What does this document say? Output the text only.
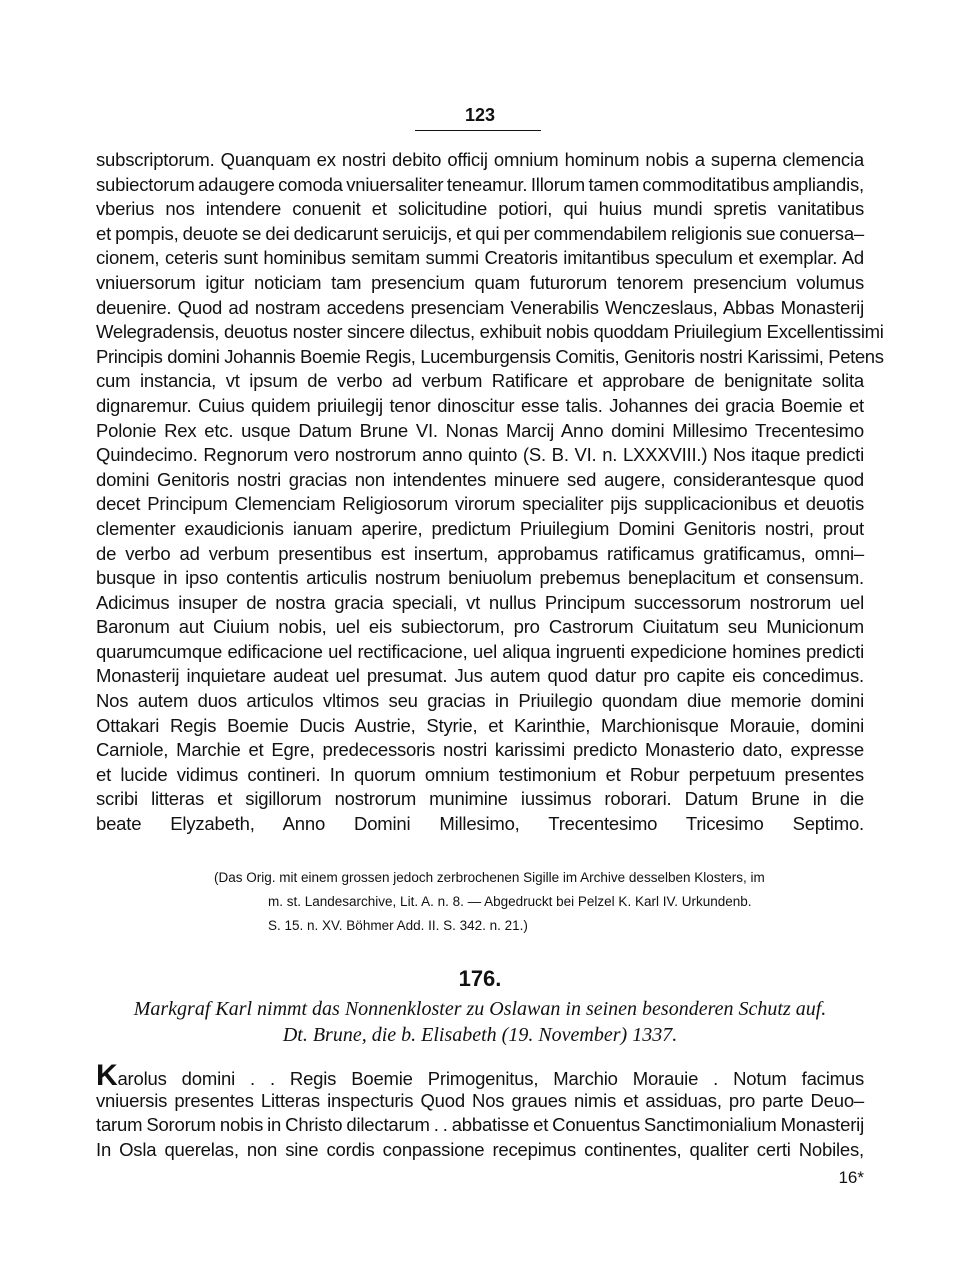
123
subscriptorum. Quanquam ex nostri debito officij omnium hominum nobis a superna clemencia
subiectorum adaugere comoda vniuersaliter teneamur. Illorum tamen commoditatibus ampliandis,
vberius nos intendere conuenit et solicitudine potiori, qui huius mundi spretis vanitatibus
et pompis, deuote se dei dedicarunt seruicijs, et qui per commendabilem religionis sue conuersa–
cionem, ceteris sunt hominibus semitam summi Creatoris imitantibus speculum et exemplar. Ad
vniuersorum igitur noticiam tam presencium quam futurorum tenorem presencium volumus
deuenire. Quod ad nostram accedens presenciam Venerabilis Wenczeslaus, Abbas Monasterij
Welegradensis, deuotus noster sincere dilectus, exhibuit nobis quoddam Priuilegium Excellentissimi
Principis domini Johannis Boemie Regis, Lucemburgensis Comitis, Genitoris nostri Karissimi, Petens
cum instancia, vt ipsum de verbo ad verbum Ratificare et approbare de benignitate solita
dignaremur. Cuius quidem priuilegij tenor dinoscitur esse talis. Johannes dei gracia Boemie et
Polonie Rex etc. usque Datum Brune VI. Nonas Marcij Anno domini Millesimo Trecentesimo
Quindecimo. Regnorum vero nostrorum anno quinto (S. B. VI. n. LXXXVIII.) Nos itaque predicti
domini Genitoris nostri gracias non intendentes minuere sed augere, considerantesque quod
decet Principum Clemenciam Religiosorum virorum specialiter pijs supplicacionibus et deuotis
clementer exaudicionis ianuam aperire, predictum Priuilegium Domini Genitoris nostri, prout
de verbo ad verbum presentibus est insertum, approbamus ratificamus gratificamus, omni–
busque in ipso contentis articulis nostrum beniuolum prebemus beneplacitum et consensum.
Adicimus insuper de nostra gracia speciali, vt nullus Principum successorum nostrorum uel
Baronum aut Ciuium nobis, uel eis subiectorum, pro Castrorum Ciuitatum seu Municionum
quarumcumque edificacione uel rectificacione, uel aliqua ingruenti expedicione homines predicti
Monasterij inquietare audeat uel presumat. Jus autem quod datur pro capite eis concedimus.
Nos autem duos articulos vltimos seu gracias in Priuilegio quondam diue memorie domini
Ottakari Regis Boemie Ducis Austrie, Styrie, et Karinthie, Marchionisque Morauie, domini
Carniole, Marchie et Egre, predecessoris nostri karissimi predicto Monasterio dato, expresse
et lucide vidimus contineri. In quorum omnium testimonium et Robur perpetuum presentes
scribi litteras et sigillorum nostrorum munimine iussimus roborari. Datum Brune in die
beate Elyzabeth, Anno Domini Millesimo, Trecentesimo Tricesimo Septimo.
(Das Orig. mit einem grossen jedoch zerbrochenen Sigille im Archive desselben Klosters, im
m. st. Landesarchive, Lit. A. n. 8. — Abgedruckt bei Pelzel K. Karl IV. Urkundenb.
S. 15. n. XV. Böhmer Add. II. S. 342. n. 21.)
176.
Markgraf Karl nimmt das Nonnenkloster zu Oslawan in seinen besonderen Schutz auf.
Dt. Brune, die b. Elisabeth (19. November) 1337.
Karolus domini . . Regis Boemie Primogenitus, Marchio Morauie . Notum facimus
vniuersis presentes Litteras inspecturis Quod Nos graues nimis et assiduas, pro parte Deuo–
tarum Sororum nobis in Christo dilectarum . . abbatisse et Conuentus Sanctimonialium Monasterij
In Osla querelas, non sine cordis conpassione recepimus continentes, qualiter certi Nobiles,
16*
